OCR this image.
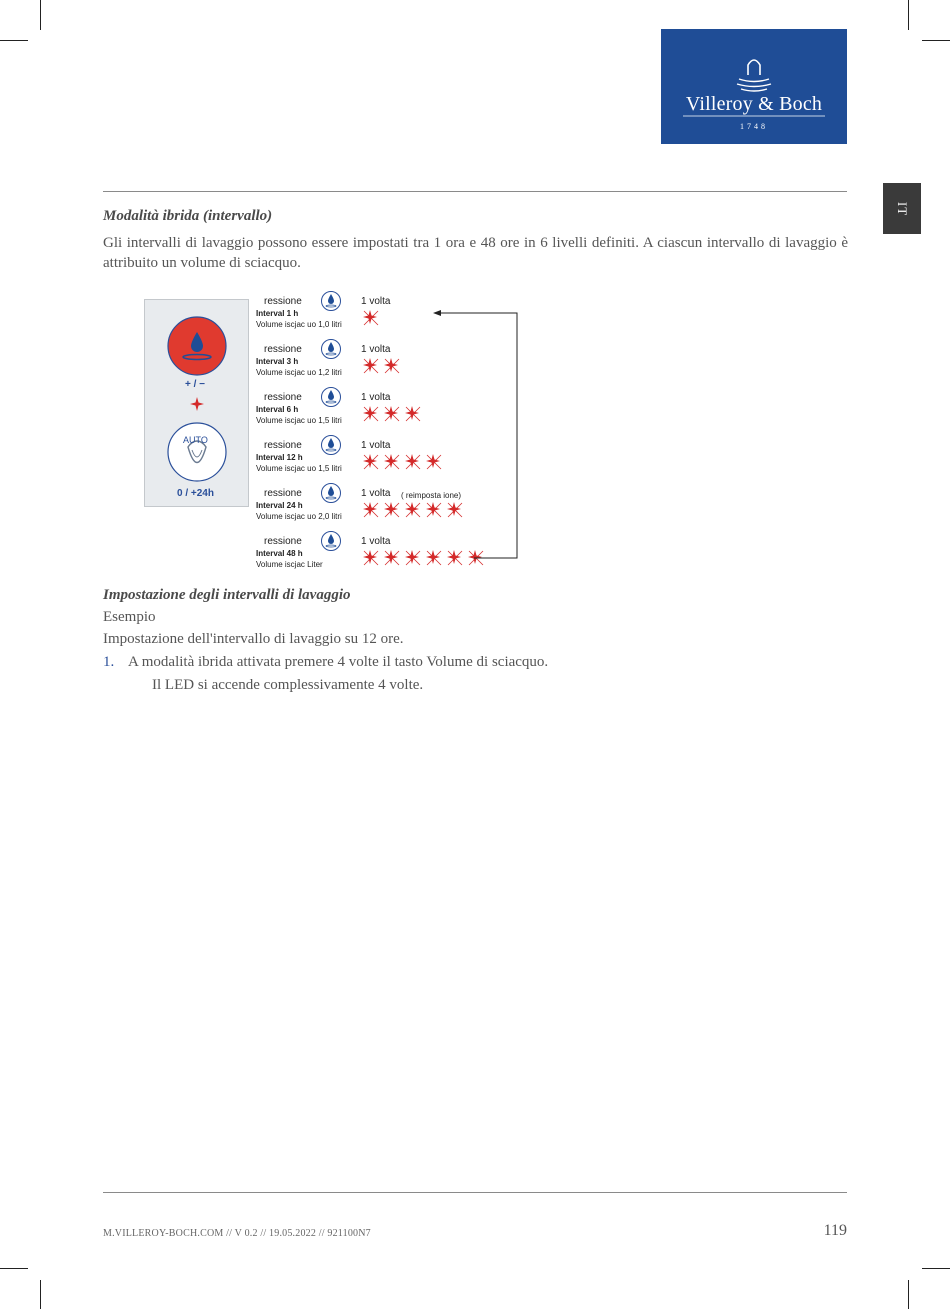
Villeroy & Boch
1748
IT
Modalità ibrida (intervallo)
Gli intervalli di lavaggio possono essere impostati tra 1 ora e 48 ore in 6 livelli definiti. A ciascun intervallo di lavaggio è attribuito un volume di sciacquo.
+ / −
AUTO
0 / +24h
ressione	1 volta
Interval 1 h
Volume iscjac uo 1,0 litri
ressione	1 volta
Interval 3 h
Volume iscjac uo 1,2 litri
ressione	1 volta
Interval 6 h
Volume iscjac uo 1,5 litri
ressione	1 volta
Interval 12 h
Volume iscjac uo 1,5 litri
ressione	1 volta
Interval 24 h
Volume iscjac uo 2,0 litri
( reimposta ione)
ressione	1 volta
Interval 48 h
Volume iscjac Liter
Impostazione degli intervalli di lavaggio
Esempio
Impostazione dell'intervallo di lavaggio su 12 ore.
1. A modalità ibrida attivata premere 4 volte il tasto Volume di sciacquo.
Il LED si accende complessivamente 4 volte.
M.VILLEROY-BOCH.COM // V 0.2 // 19.05.2022 // 921100N7	119
